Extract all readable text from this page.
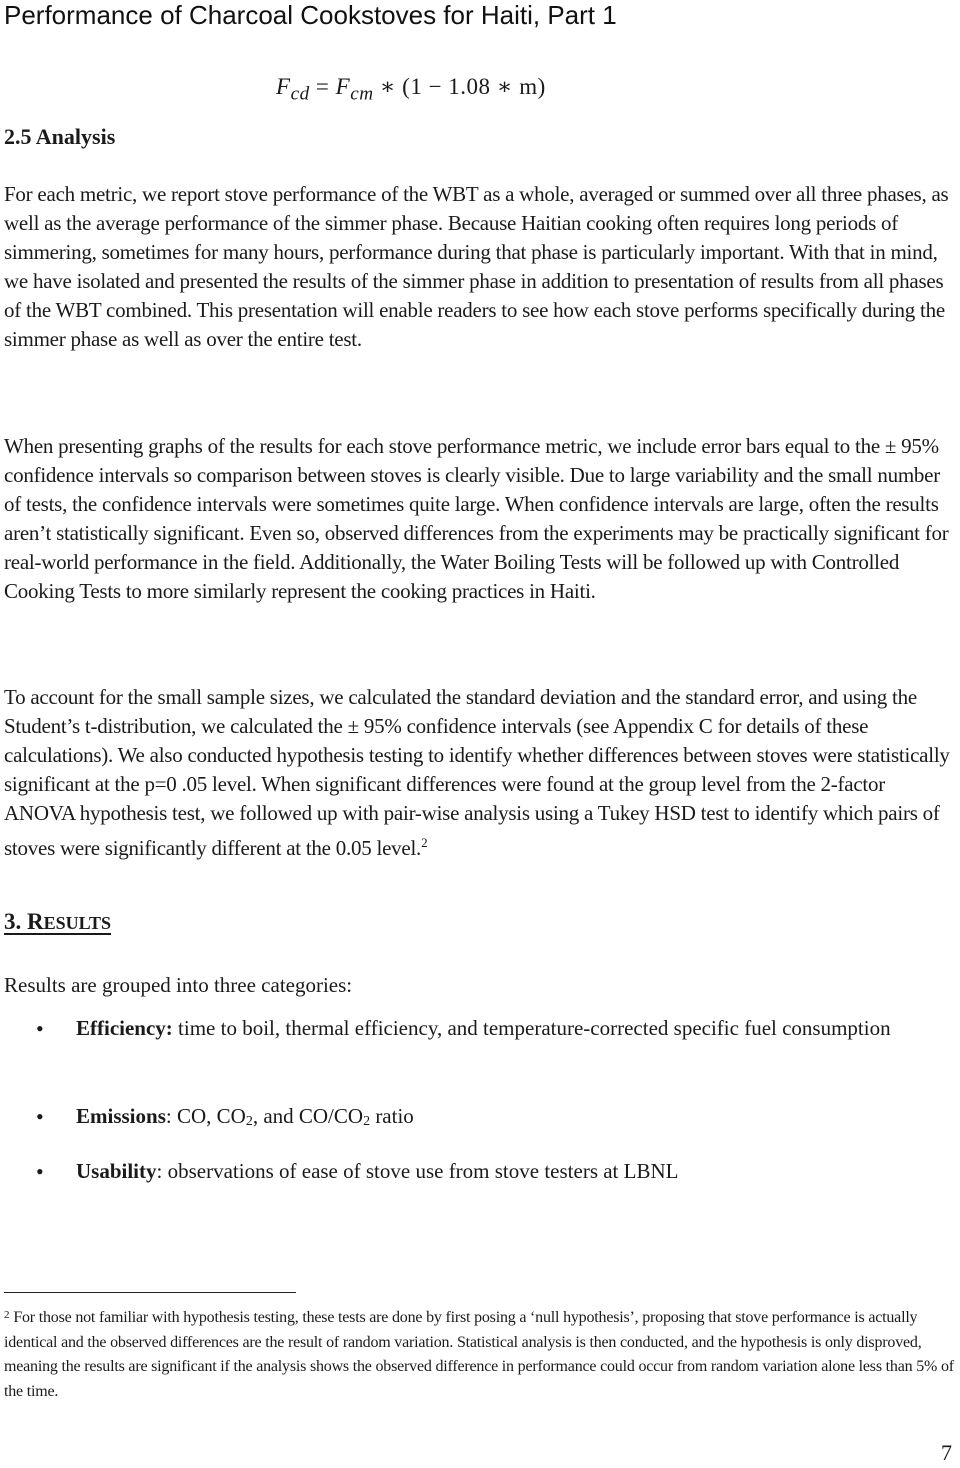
Performance of Charcoal Cookstoves for Haiti, Part 1
$F_{cd} = F_{cm}$ ∗ (1 − 1.08 ∗ m)
2.5 Analysis

For each metric, we report stove performance of the WBT as a whole, averaged or summed over all three phases, as well as the average performance of the simmer phase. Because Haitian cooking often requires long periods of simmering, sometimes for many hours, performance during that phase is particularly important. With that in mind, we have isolated and presented the results of the simmer phase in addition to presentation of results from all phases of the WBT combined. This presentation will enable readers to see how each stove performs specifically during the simmer phase as well as over the entire test.

When presenting graphs of the results for each stove performance metric, we include error bars equal to the ± 95% confidence intervals so comparison between stoves is clearly visible. Due to large variability and the small number of tests, the confidence intervals were sometimes quite large. When confidence intervals are large, often the results aren’t statistically significant. Even so, observed differences from the experiments may be practically significant for real-world performance in the field. Additionally, the Water Boiling Tests will be followed up with Controlled Cooking Tests to more similarly represent the cooking practices in Haiti.

To account for the small sample sizes, we calculated the standard deviation and the standard error, and using the Student’s t-distribution, we calculated the ± 95% confidence intervals (see Appendix C for details of these calculations). We also conducted hypothesis testing to identify whether differences between stoves were statistically significant at the p=0 .05 level. When significant differences were found at the group level from the 2-factor ANOVA hypothesis test, we followed up with pair-wise analysis using a Tukey HSD test to identify which pairs of stoves were significantly different at the 0.05 level.$^2$

3. RESULTS

Results are grouped into three categories:

• Efficiency: time to boil, thermal efficiency, and temperature-corrected specific fuel consumption
• Emissions: CO, $CO_2$, and $CO/CO_2$ ratio
• Usability: observations of ease of stove use from stove testers at LBNL

$^2$ For those not familiar with hypothesis testing, these tests are done by first posing a ‘null hypothesis’, proposing that stove performance is actually identical and the observed differences are the result of random variation. Statistical analysis is then conducted, and the hypothesis is only disproved, meaning the results are significant if the analysis shows the observed difference in performance could occur from random variation alone less than 5% of the time.

7
